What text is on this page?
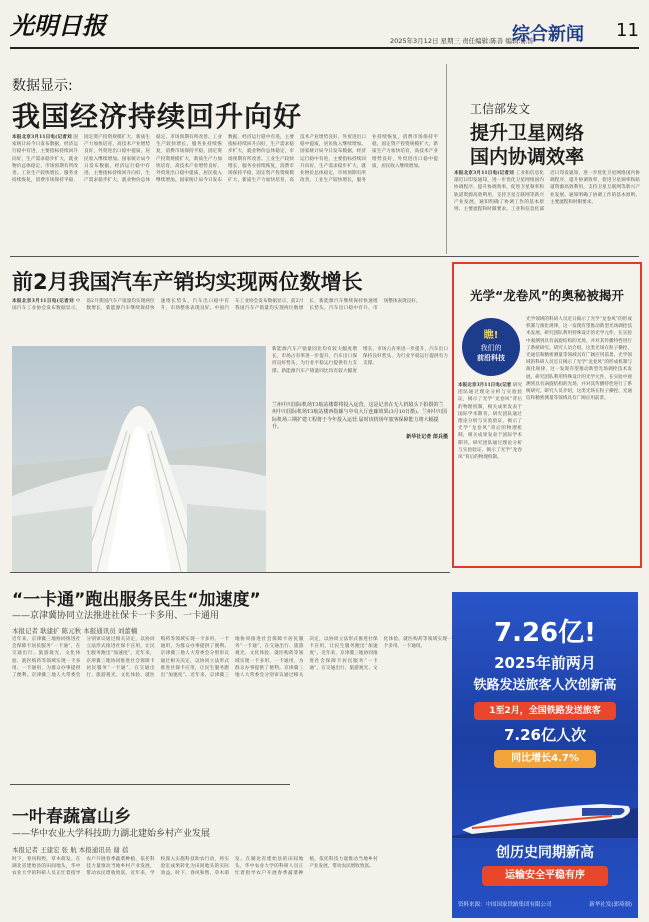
光明日报
2025年3月12日 星期三 责任编辑:陈善 编辑:陈善
综合新闻 11
数据显示:
我国经济持续回升向好
本报北京3月11日电(记者刘 国家统计局今日发布数据，经济运行稳中有进，主要指标持续回升向好，生产需求稳步扩大，就业物价总体稳定，市场预期有所改善。工业生产较快增长，服务业持续恢复，消费市场保持平稳，固定资产投资规模扩大，新质生产力加快培育，高技术产业增势良好，外贸进出口稳中提质，居民收入继续增加。国家统计局今日发布数据，经济运行稳中有进，主要指标持续回升向好，生产需求稳步扩大，就业物价总体稳定，市场预期有所改善。工业生产较快增长，服务业持续恢复，消费市场保持平稳，固定资产投资规模扩大，新质生产力加快培育，高技术产业增势良好，外贸进出口稳中提质，居民收入继续增加。国家统计局今日发布数据，经济运行稳中有进，主要指标持续回升向好，生产需求稳步扩大，就业物价总体稳定，市场预期有所改善。工业生产较快增长，服务业持续恢复，消费市场保持平稳，固定资产投资规模扩大，新质生产力加快培育，高技术产业增势良好，外贸进出口稳中提质，居民收入继续增加。国家统计局今日发布数据，经济运行稳中有进，主要指标持续回升向好，生产需求稳步扩大，就业物价总体稳定，市场预期有所改善。工业生产较快增长，服务业持续恢复，消费市场保持平稳，固定资产投资规模扩大，新质生产力加快培育，高技术产业增势良好，外贸进出口稳中提质，居民收入继续增加。
工信部发文
提升卫星网络
国内协调效率
本报北京3月11日电(记者刘 工业和信息化部近日印发通知，进一步优化卫星网络国内协调程序，提升协调效率，促进卫星频率和轨道资源高效利用，支持卫星互联网等新兴产业发展。通知明确了协调工作的基本原则、主要流程和时限要求。工业和信息化部近日印发通知，进一步优化卫星网络国内协调程序，提升协调效率，促进卫星频率和轨道资源高效利用，支持卫星互联网等新兴产业发展。通知明确了协调工作的基本原则、主要流程和时限要求。
前2月我国汽车产销均实现两位数增长
本报北京3月11日电(记者刘 中国汽车工业协会发布数据显示，前2月我国汽车产销量均实现两位数增长，新能源汽车继续保持快速增长势头，汽车出口稳中有升，市场整体表现良好。中国汽车工业协会发布数据显示，前2月我国汽车产销量均实现两位数增长，新能源汽车继续保持快速增长势头，汽车出口稳中有升，市场整体表现良好。
新能源汽车产销量同比均有较大幅度增长，市场占有率进一步提升，汽车出口保持良好势头，为行业平稳运行提供有力支撑。新能源汽车产销量同比均有较大幅度增长，市场占有率进一步提升，汽车出口保持良好势头，为行业平稳运行提供有力支撑。
兰州中川国际机场T3航站楼即将投入运营。这是记者在无人机镜头下拍摄的兰州中川国际机场T3航站楼西指廊与中央大厅连廊效果(3月10日摄)。兰州中川国际机场三期扩建工程将于今年投入运营,届时该机场年旅客保障能力将大幅提升。
新华社记者 郎兵摄
光学“龙卷风”的奥秘被揭开
瞧!
我们的
前沿科技
光学领域的科研人员近日揭示了光学“龙卷风”的形成机制与演化规律，这一发现有望推动新型光场调控技术发展。研究团队利用特殊设计的光学元件，在实验中观测到具有涡旋结构的光场，并对其传播特性进行了系统研究。研究人员介绍，这类光场在粒子操控、光通信和精密测量等领域具有广阔应用前景。光学领域的科研人员近日揭示了光学“龙卷风”的形成机制与演化规律，这一发现有望推动新型光场调控技术发展。研究团队利用特殊设计的光学元件，在实验中观测到具有涡旋结构的光场，并对其传播特性进行了系统研究。研究人员介绍，这类光场在粒子操控、光通信和精密测量等领域具有广阔应用前景。
本报北京3月11日电(记者 研究团队通过理论分析与实验验证，揭示了光学“龙卷风”背后的物理机制，相关成果发表于国际学术期刊。研究团队通过理论分析与实验验证，揭示了光学“龙卷风”背后的物理机制，相关成果发表于国际学术期刊。研究团队通过理论分析与实验验证，揭示了光学“龙卷风”背后的物理机制。
“一卡通”跑出服务民生“加速度”
——京津冀协同立法推进社保卡一卡多用、一卡通用
本报记者 耿建扩 陈元秋 本报通讯员 刘蕾楠
近年来，京津冀三地协同推进社会保障卡居民服务“一卡通”，在交通出行、旅游观光、文化体验、就医购药等领域实现一卡多用、一卡通用，为群众办事提供了便利。京津冀三地人大常委会分别审议通过相关决定，以协同立法形式推进社保卡应用，让民生服务跑出“加速度”。近年来，京津冀三地协同推进社会保障卡居民服务“一卡通”，在交通出行、旅游观光、文化体验、就医购药等领域实现一卡多用、一卡通用，为群众办事提供了便利。京津冀三地人大常委会分别审议通过相关决定，以协同立法形式推进社保卡应用，让民生服务跑出“加速度”。近年来，京津冀三地协同推进社会保障卡居民服务“一卡通”，在交通出行、旅游观光、文化体验、就医购药等领域实现一卡多用、一卡通用，为群众办事提供了便利。京津冀三地人大常委会分别审议通过相关决定，以协同立法形式推进社保卡应用，让民生服务跑出“加速度”。近年来，京津冀三地协同推进社会保障卡居民服务“一卡通”，在交通出行、旅游观光、文化体验、就医购药等领域实现一卡多用、一卡通用。
一叶春蔬富山乡
——华中农业大学科技助力湖北建始乡村产业发展
本报记者 王建宏 张 航 本报通讯员 谢 蓓
时下，春风和煦，草木萌发。在湖北省建始县的田间地头，华中农业大学的科研人员正忙着指导农户开展春季蔬菜种植，依托科技力量推动当地乡村产业发展，带动农民增收致富。近年来，学校深入实施科技助农行动，将实验室成果转化为田间地头的实际效益。时下，春风和煦，草木萌发。在湖北省建始县的田间地头，华中农业大学的科研人员正忙着指导农户开展春季蔬菜种植，依托科技力量推动当地乡村产业发展，带动农民增收致富。
7.26亿!
2025年前两月
铁路发送旅客人次创新高
1至2月，全国铁路发送旅客
7.26亿人次
同比增长4.7%
创历史同期新高
运输安全平稳有序
资料来源：中国国家铁路集团有限公司	新华社发(郭琦制)
